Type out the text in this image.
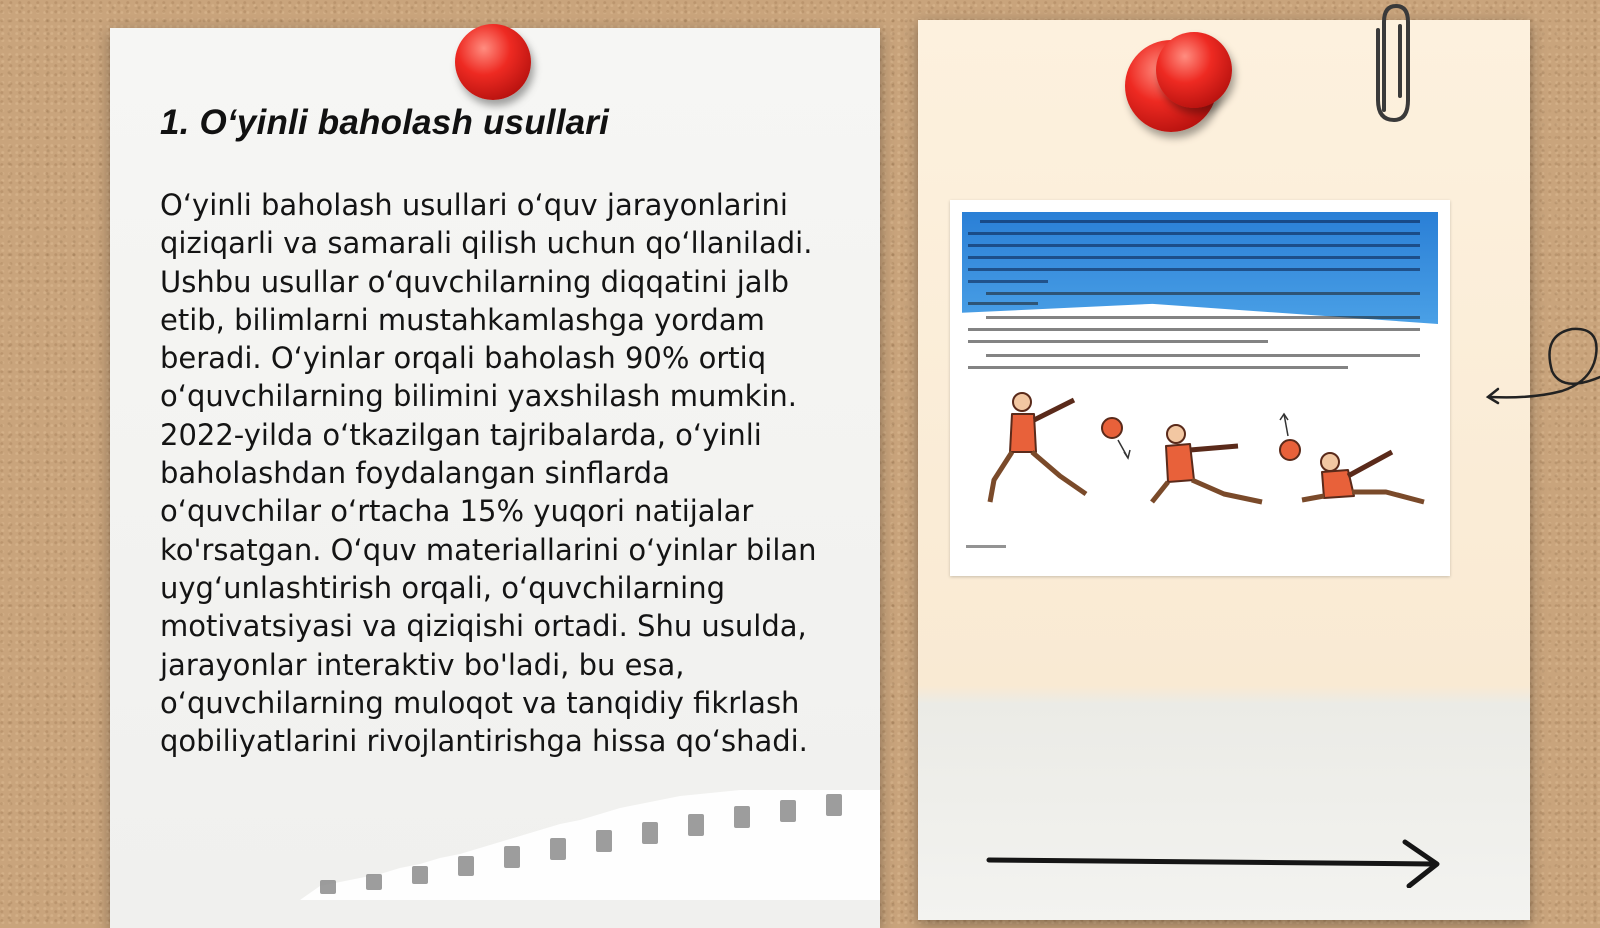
1. O‘yinli baholash usullari

O‘yinli baholash usullari o‘quv jarayonlarini qiziqarli va samarali qilish uchun qo‘llaniladi. Ushbu usullar o‘quvchilarning diqqatini jalb etib, bilimlarni mustahkamlashga yordam beradi. O‘yinlar orqali baholash 90% ortiq o‘quvchilarning bilimini yaxshilash mumkin. 2022-yilda o‘tkazilgan tajribalarda, o‘yinli baholashdan foydalangan sinflarda o‘quvchilar o‘rtacha 15% yuqori natijalar ko'rsatgan. O‘quv materiallarini o‘yinlar bilan uyg‘unlashtirish orqali, o‘quvchilarning motivatsiyasi va qiziqishi ortadi. Shu usulda, jarayonlar interaktiv bo'ladi, bu esa, o‘quvchilarning muloqot va tanqidiy fikrlash qobiliyatlarini rivojlantirishga hissa qo‘shadi.
